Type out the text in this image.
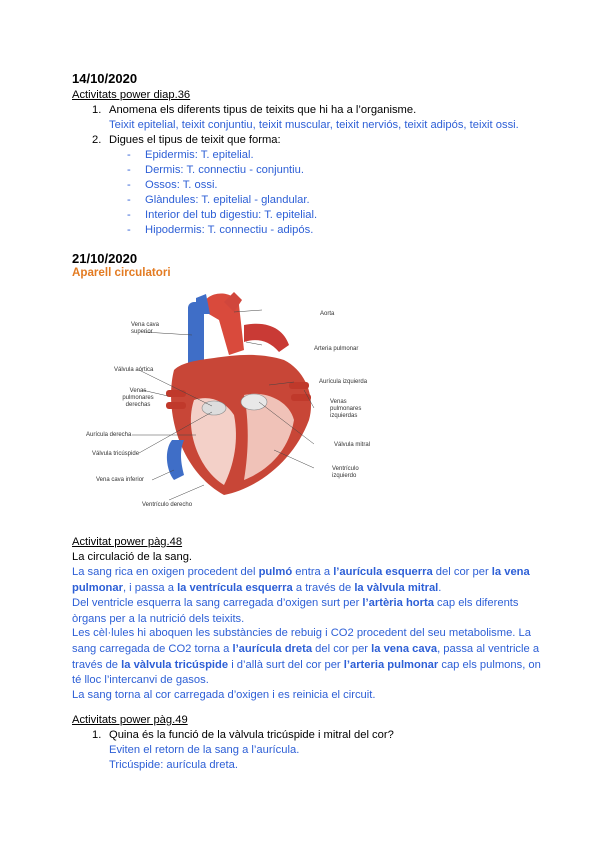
14/10/2020
Activitats power diap.36
1. Anomena els diferents tipus de teixits que hi ha a l’organisme.
Teixit epitelial, teixit conjuntiu, teixit muscular, teixit nerviós, teixit adipós, teixit ossi.
2. Digues el tipus de teixit que forma:
- Epidermis: T. epitelial.
- Dermis: T. connectiu - conjuntiu.
- Ossos: T. ossi.
- Glàndules: T. epitelial - glandular.
- Interior del tub digestiu: T. epitelial.
- Hipodermis: T. connectiu - adipós.
21/10/2020
Aparell circulatori
Vena cava superior
Aorta
Arteria pulmonar
Válvula aórtica
Aurícula izquierda
Venas pulmonares derechas	Venas pulmonares izquierdas
Aurícula derecha
Válvula mitral
Válvula tricúspide
Ventrículo izquierdo
Vena cava inferior
Ventrículo derecho
Activitat power pàg.48
La circulació de la sang.
La sang rica en oxigen procedent del pulmó entra a l’aurícula esquerra del cor per la vena pulmonar, i passa a la ventrícula esquerra a través de la vàlvula mitral.
Del ventricle esquerra la sang carregada d’oxigen surt per l’artèria horta cap els diferents òrgans per a la nutrició dels teixits.
Les cèl·lules hi aboquen les substàncies de rebuig i CO2 procedent del seu metabolisme. La sang carregada de CO2 torna a l’aurícula dreta del cor per la vena cava, passa al ventricle a través de la vàlvula tricúspide i d’allà surt del cor per l’arteria pulmonar cap els pulmons, on té lloc l’intercanvi de gasos.
La sang torna al cor carregada d’oxigen i es reinicia el circuit.
Activitats power pàg.49
1. Quina és la funció de la vàlvula tricúspide i mitral del cor?
Eviten el retorn de la sang a l’aurícula.
Tricúspide: aurícula dreta.
